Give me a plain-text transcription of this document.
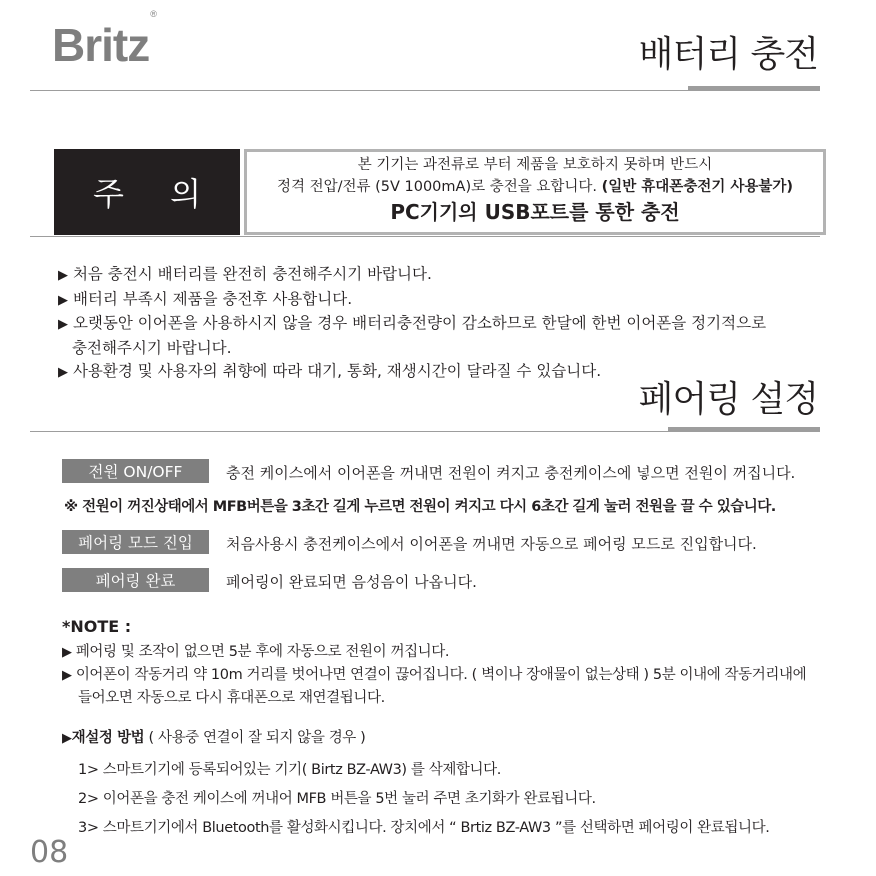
Britz®
배터리 충전
주 의
본 기기는 과전류로 부터 제품을 보호하지 못하며 반드시
정격 전압/전류 (5V 1000mA)로 충전을 요합니다. (일반 휴대폰충전기 사용불가)
PC기기의 USB포트를 통한 충전
▶ 처음 충전시 배터리를 완전히 충전해주시기 바랍니다.
▶ 배터리 부족시 제품을 충전후 사용합니다.
▶ 오랫동안 이어폰을 사용하시지 않을 경우 배터리충전량이 감소하므로 한달에 한번 이어폰을 정기적으로
충전해주시기 바랍니다.
▶ 사용환경 및 사용자의 취향에 따라 대기, 통화, 재생시간이 달라질 수 있습니다.
페어링 설정
전원 ON/OFF	충전 케이스에서 이어폰을 꺼내면 전원이 켜지고 충전케이스에 넣으면 전원이 꺼집니다.
※ 전원이 꺼진상태에서 MFB버튼을 3초간 길게 누르면 전원이 켜지고 다시 6초간 길게 눌러 전원을 끌 수 있습니다.
페어링 모드 진입	처음사용시 충전케이스에서 이어폰을 꺼내면 자동으로 페어링 모드로 진입합니다.
페어링 완료	페어링이 완료되면 음성음이 나옵니다.
*NOTE :
▶ 페어링 및 조작이 없으면 5분 후에 자동으로 전원이 꺼집니다.
▶ 이어폰이 작동거리 약 10m 거리를 벗어나면 연결이 끊어집니다. ( 벽이나 장애물이 없는상태 ) 5분 이내에 작동거리내에
들어오면 자동으로 다시 휴대폰으로 재연결됩니다.
▶재설정 방법 ( 사용중 연결이 잘 되지 않을 경우 )
1> 스마트기기에 등록되어있는 기기( Birtz BZ-AW3) 를 삭제합니다.
2> 이어폰을 충전 케이스에 꺼내어 MFB 버튼을 5번 눌러 주면 초기화가 완료됩니다.
3> 스마트기기에서 Bluetooth를 활성화시킵니다. 장치에서 “ Brtiz BZ-AW3 ”를 선택하면 페어링이 완료됩니다.
08
